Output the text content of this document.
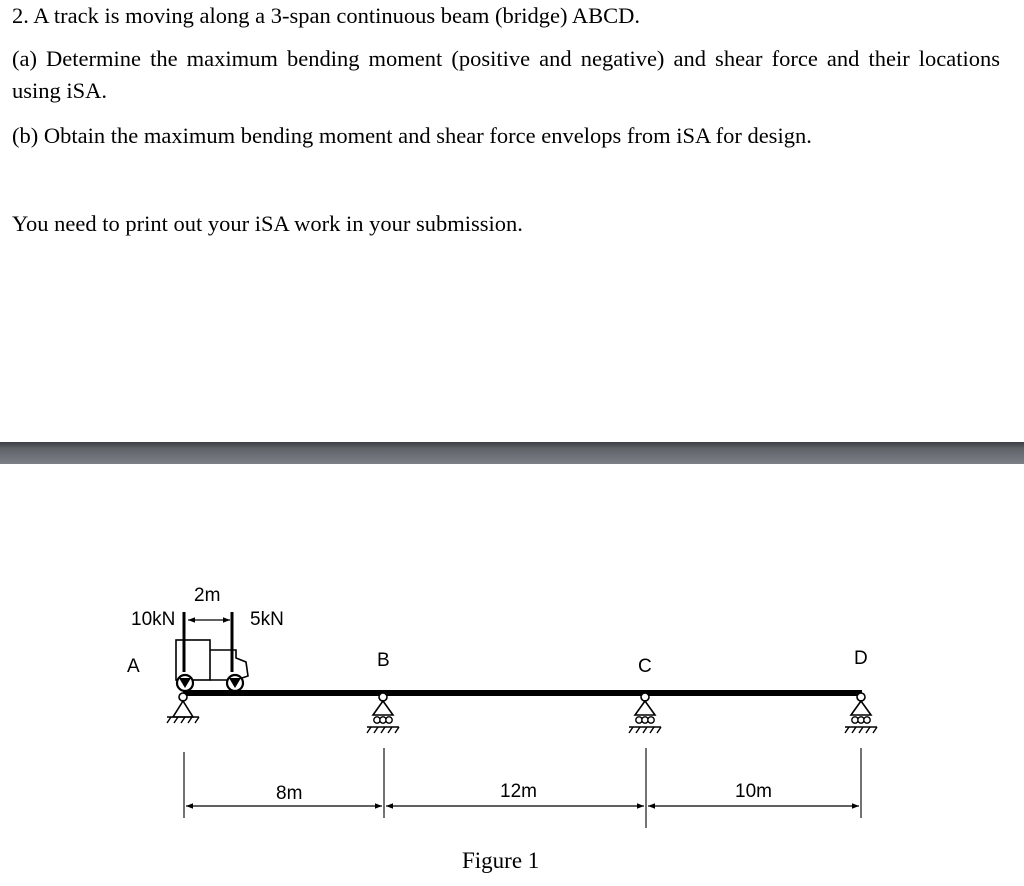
2. A track is moving along a 3-span continuous beam (bridge) ABCD.

(a) Determine the maximum bending moment (positive and negative) and shear force and their locations using iSA.

(b) Obtain the maximum bending moment and shear force envelops from iSA for design.

You need to print out your iSA work in your submission.

2m
10kN	5kN
A	B	C	D
8m	12m	10m
Figure 1
